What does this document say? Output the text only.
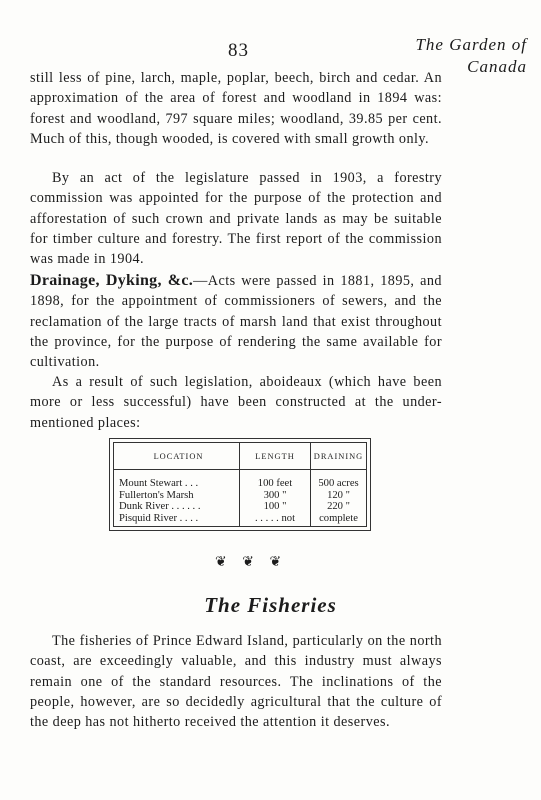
83	The Garden of
Canada

still less of pine, larch, maple, poplar, beech, birch and cedar. An approximation of the area of forest and woodland in 1894 was: forest and woodland, 797 square miles; woodland, 39.85 per cent. Much of this, though wooded, is covered with small growth only.

By an act of the legislature passed in 1903, a forestry commission was appointed for the purpose of the protection and afforestation of such crown and private lands as may be suitable for timber culture and forestry. The first report of the commission was made in 1904.

Drainage, Dyking, &c.—Acts were passed in 1881, 1895, and 1898, for the appointment of commissioners of sewers, and the reclamation of the large tracts of marsh land that exist throughout the province, for the purpose of rendering the same available for cultivation.

As a result of such legislation, aboideaux (which have been more or less successful) have been constructed at the under-mentioned places:

LOCATION	LENGTH	DRAINING
Mount Stewart . . .	100 feet	500 acres
Fullerton's Marsh	300 "	120 "
Dunk River . . . . . .	100 "	220 "
Pisquid River . . . .	. . . . . not	complete
❦ ❦ ❦
The Fisheries

The fisheries of Prince Edward Island, particularly on the north coast, are exceedingly valuable, and this industry must always remain one of the standard resources. The inclinations of the people, however, are so decidedly agricultural that the culture of the deep has not hitherto received the attention it deserves.
